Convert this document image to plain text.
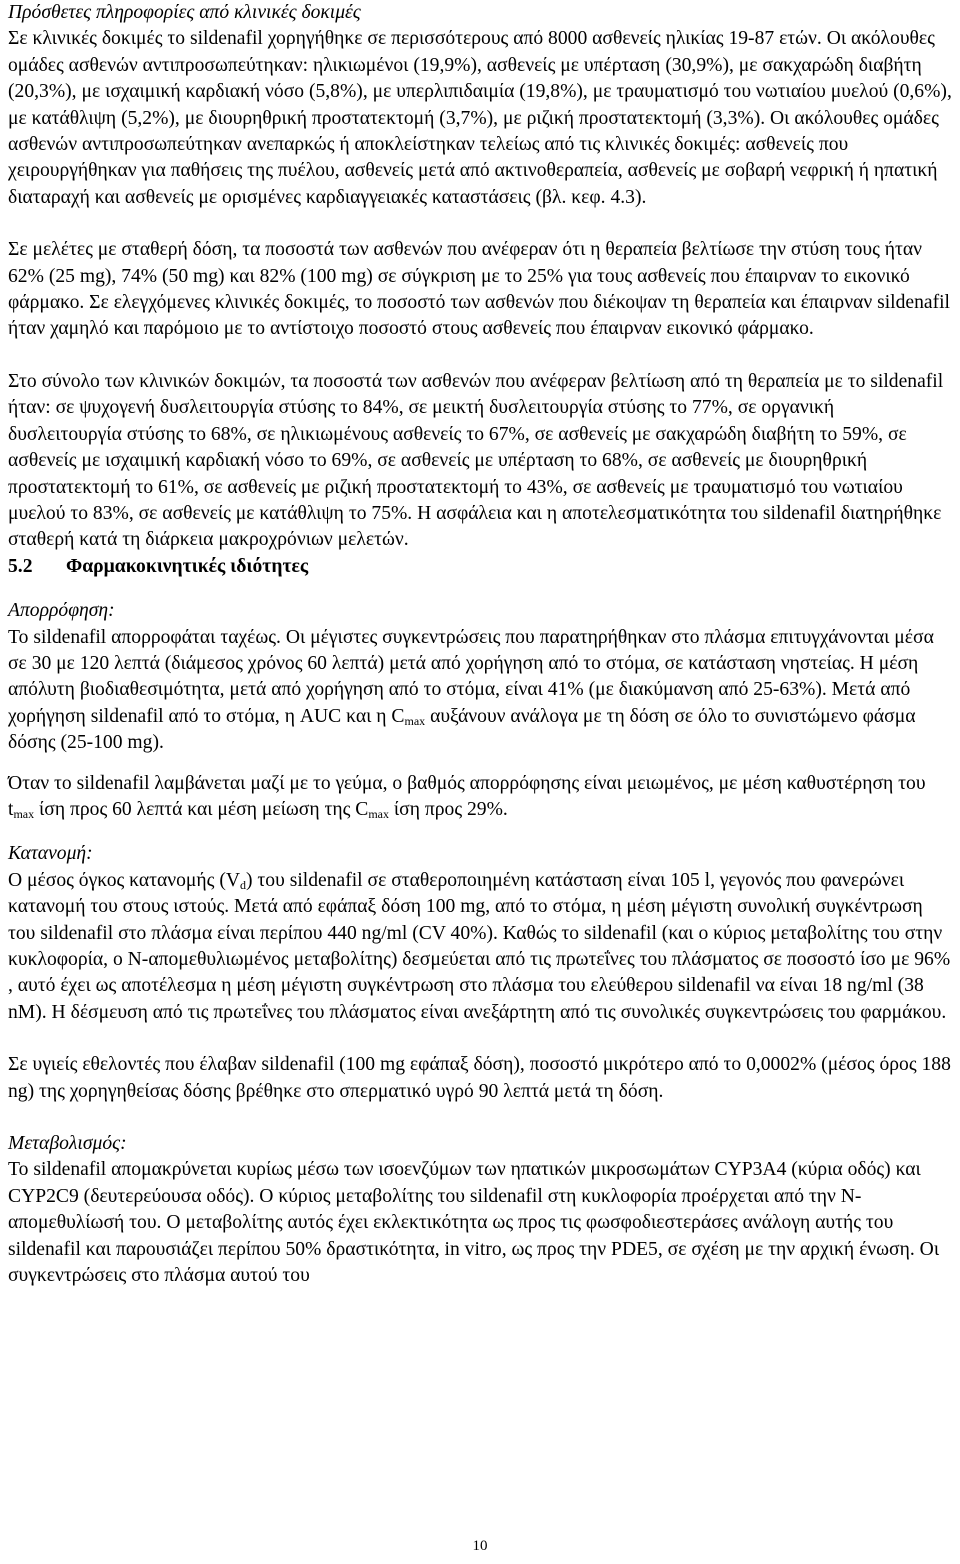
Πρόσθετες πληροφορίες από κλινικές δοκιμές

Σε κλινικές δοκιμές το sildenafil χορηγήθηκε σε περισσότερους από 8000 ασθενείς ηλικίας 19-87 ετών. Οι ακόλουθες ομάδες ασθενών αντιπροσωπεύτηκαν: ηλικιωμένοι (19,9%), ασθενείς με υπέρταση (30,9%), με σακχαρώδη διαβήτη (20,3%), με ισχαιμική καρδιακή νόσο (5,8%), με υπερλιπιδαιμία (19,8%), με τραυματισμό του νωτιαίου μυελού (0,6%), με κατάθλιψη (5,2%), με διουρηθρική προστατεκτομή (3,7%), με ριζική προστατεκτομή (3,3%). Οι ακόλουθες ομάδες ασθενών αντιπροσωπεύτηκαν ανεπαρκώς ή αποκλείστηκαν τελείως από τις κλινικές δοκιμές: ασθενείς που χειρουργήθηκαν για παθήσεις της πυέλου, ασθενείς μετά από ακτινοθεραπεία, ασθενείς με σοβαρή νεφρική ή ηπατική διαταραχή και ασθενείς με ορισμένες καρδιαγγειακές καταστάσεις (βλ. κεφ. 4.3).

Σε μελέτες με σταθερή δόση, τα ποσοστά των ασθενών που ανέφεραν ότι η θεραπεία βελτίωσε την στύση τους ήταν 62% (25 mg), 74% (50 mg) και 82% (100 mg) σε σύγκριση με το 25% για τους ασθενείς που έπαιρναν το εικονικό φάρμακο. Σε ελεγχόμενες κλινικές δοκιμές, το ποσοστό των ασθενών που διέκοψαν τη θεραπεία και έπαιρναν sildenafil ήταν χαμηλό και παρόμοιο με το αντίστοιχο ποσοστό στους ασθενείς που έπαιρναν εικονικό φάρμακο.

Στο σύνολο των κλινικών δοκιμών, τα ποσοστά των ασθενών που ανέφεραν βελτίωση από τη θεραπεία με το sildenafil ήταν: σε ψυχογενή δυσλειτουργία στύσης το 84%, σε μεικτή δυσλειτουργία στύσης το 77%, σε οργανική δυσλειτουργία στύσης το 68%, σε ηλικιωμένους ασθενείς το 67%, σε ασθενείς με σακχαρώδη διαβήτη το 59%, σε ασθενείς με ισχαιμική καρδιακή νόσο το 69%, σε ασθενείς με υπέρταση το 68%, σε ασθενείς με διουρηθρική προστατεκτομή το 61%, σε ασθενείς με ριζική προστατεκτομή το 43%, σε ασθενείς με τραυματισμό του νωτιαίου μυελού το 83%, σε ασθενείς με κατάθλιψη το 75%. Η ασφάλεια και η αποτελεσματικότητα του sildenafil διατηρήθηκε σταθερή κατά τη διάρκεια μακροχρόνιων μελετών.

5.2 Φαρμακοκινητικές ιδιότητες

Απορρόφηση:

Το sildenafil απορροφάται ταχέως. Οι μέγιστες συγκεντρώσεις που παρατηρήθηκαν στο πλάσμα επιτυγχάνονται μέσα σε 30 με 120 λεπτά (διάμεσος χρόνος 60 λεπτά) μετά από χορήγηση από το στόμα, σε κατάσταση νηστείας. Η μέση απόλυτη βιοδιαθεσιμότητα, μετά από χορήγηση από το στόμα, είναι 41% (με διακύμανση από 25-63%). Μετά από χορήγηση sildenafil από το στόμα, η AUC και η $C_{max}$ αυξάνουν ανάλογα με τη δόση σε όλο το συνιστώμενο φάσμα δόσης (25-100 mg).

Όταν το sildenafil λαμβάνεται μαζί με το γεύμα, ο βαθμός απορρόφησης είναι μειωμένος, με μέση καθυστέρηση του $t_{max}$ ίση προς 60 λεπτά και μέση μείωση της $C_{max}$ ίση προς 29%.

Κατανομή:

Ο μέσος όγκος κατανομής $(V_d)$ του sildenafil σε σταθεροποιημένη κατάσταση είναι 105 l, γεγονός που φανερώνει κατανομή του στους ιστούς. Μετά από εφάπαξ δόση 100 mg, από το στόμα, η μέση μέγιστη συνολική συγκέντρωση του sildenafil στο πλάσμα είναι περίπου 440 ng/ml (CV 40%). Καθώς το sildenafil (και ο κύριος μεταβολίτης του στην κυκλοφορία, ο N-απομεθυλιωμένος μεταβολίτης) δεσμεύεται από τις πρωτεΐνες του πλάσματος σε ποσοστό ίσο με 96% , αυτό έχει ως αποτέλεσμα η μέση μέγιστη συγκέντρωση στο πλάσμα του ελεύθερου sildenafil να είναι 18 ng/ml (38 nM). Η δέσμευση από τις πρωτεΐνες του πλάσματος είναι ανεξάρτητη από τις συνολικές συγκεντρώσεις του φαρμάκου.

Σε υγιείς εθελοντές που έλαβαν sildenafil (100 mg εφάπαξ δόση), ποσοστό μικρότερο από το 0,0002% (μέσος όρος 188 ng) της χορηγηθείσας δόσης βρέθηκε στο σπερματικό υγρό 90 λεπτά μετά τη δόση.

Μεταβολισμός:

Το sildenafil απομακρύνεται κυρίως μέσω των ισοενζύμων των ηπατικών μικροσωμάτων CYP3A4 (κύρια οδός) και CYP2C9 (δευτερεύουσα οδός). Ο κύριος μεταβολίτης του sildenafil στη κυκλοφορία προέρχεται από την N-απομεθυλίωσή του. Ο μεταβολίτης αυτός έχει εκλεκτικότητα ως προς τις φωσφοδιεστεράσες ανάλογη αυτής του sildenafil και παρουσιάζει περίπου 50% δραστικότητα, in vitro, ως προς την PDE5, σε σχέση με την αρχική ένωση. Οι συγκεντρώσεις στο πλάσμα αυτού του

10
